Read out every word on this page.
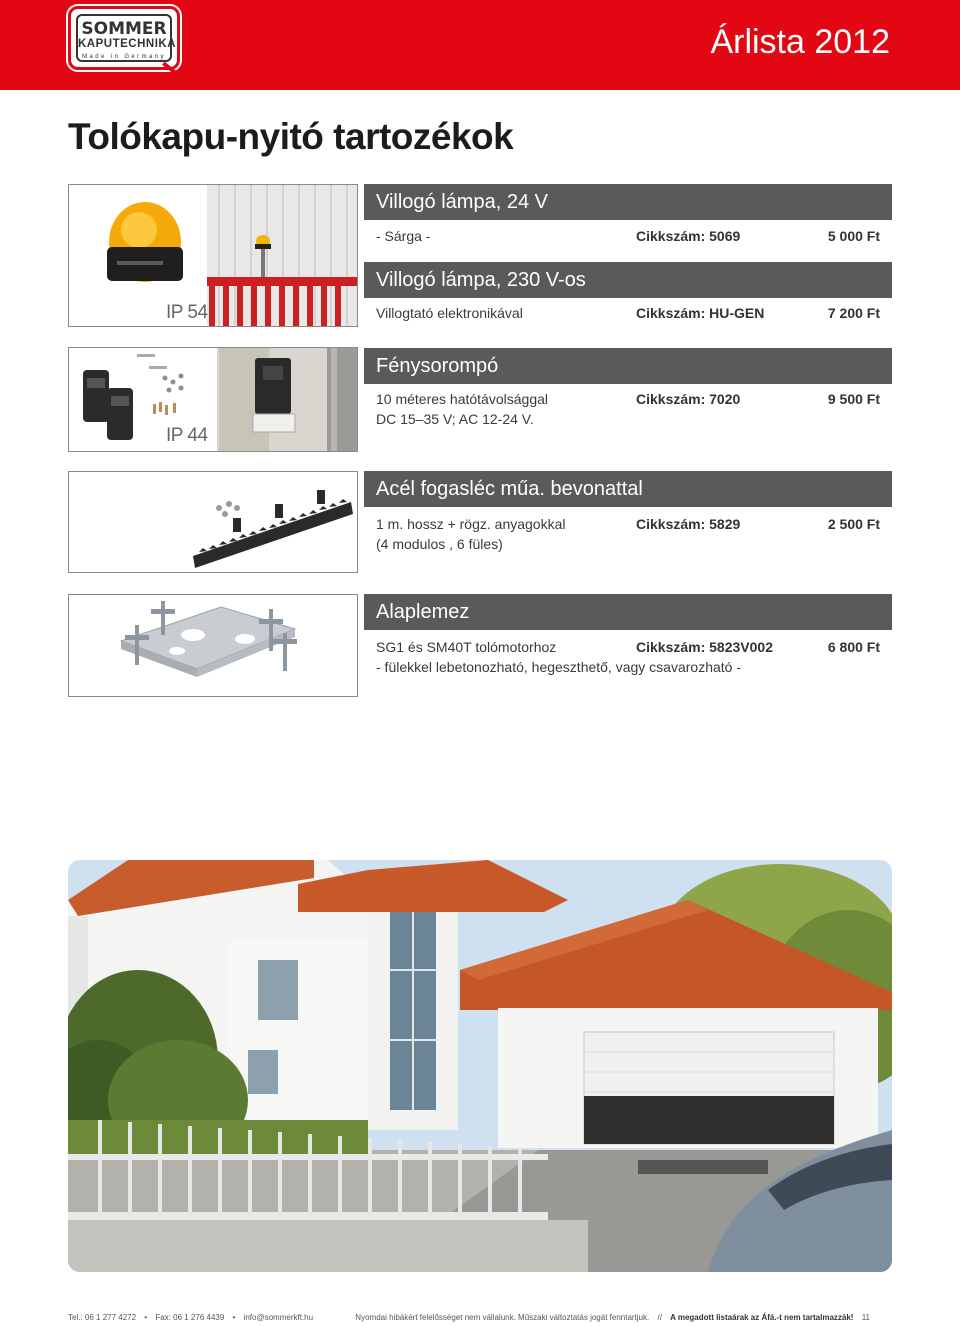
SOMMER
KAPUTECHNIKA
Made in Germany	Árlista 2012
Tolókapu-nyitó tartozékok
IP 54
Villogó lámpa, 24 V
- Sárga -	Cikkszám: 5069	5 000 Ft
Villogó lámpa, 230 V-os
Villogtató elektronikával	Cikkszám: HU-GEN	7 200 Ft
IP 44
Fénysorompó
10 méteres hatótávolsággal	Cikkszám: 7020	9 500 Ft
DC 15–35 V; AC 12-24 V.
Acél fogasléc műa. bevonattal
1 m. hossz + rögz. anyagokkal	Cikkszám: 5829	2 500 Ft
(4 modulos , 6 füles)
Alaplemez
SG1 és SM40T tolómotorhoz	Cikkszám: 5823V002	6 800 Ft
- fülekkel lebetonozható, hegeszthető, vagy csavarozható -
Tel.: 06 1 277 4272 • Fax: 06 1 276 4439 • info@sommerkft.hu	Nyomdai hibákért felelősséget nem vállalunk. Műszaki változtatás jogát fenntartjuk. // A megadott listaárak az Áfá.-t nem tartalmazzák! 11
